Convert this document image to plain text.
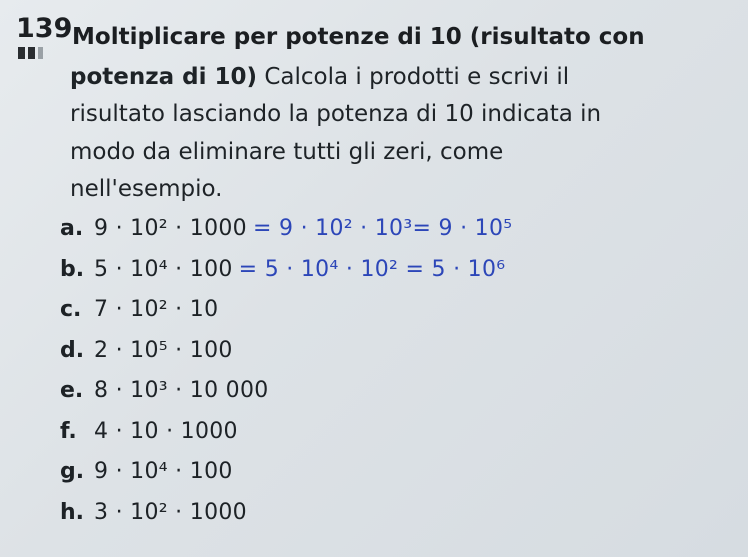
139 Moltiplicare per potenze di 10 (risultato con
potenza di 10) Calcola i prodotti e scrivi il
risultato lasciando la potenza di 10 indicata in
modo da eliminare tutti gli zeri, come
nell'esempio.
a. 9 · 10² · 1000 = 9 · 10² · 10³= 9 · 10⁵
b. 5 · 10⁴ · 100 = 5 · 10⁴ · 10² = 5 · 10⁶
c. 7 · 10² · 10
d. 2 · 10⁵ · 100
e. 8 · 10³ · 10 000
f. 4 · 10 · 1000
g. 9 · 10⁴ · 100
h. 3 · 10² · 1000
